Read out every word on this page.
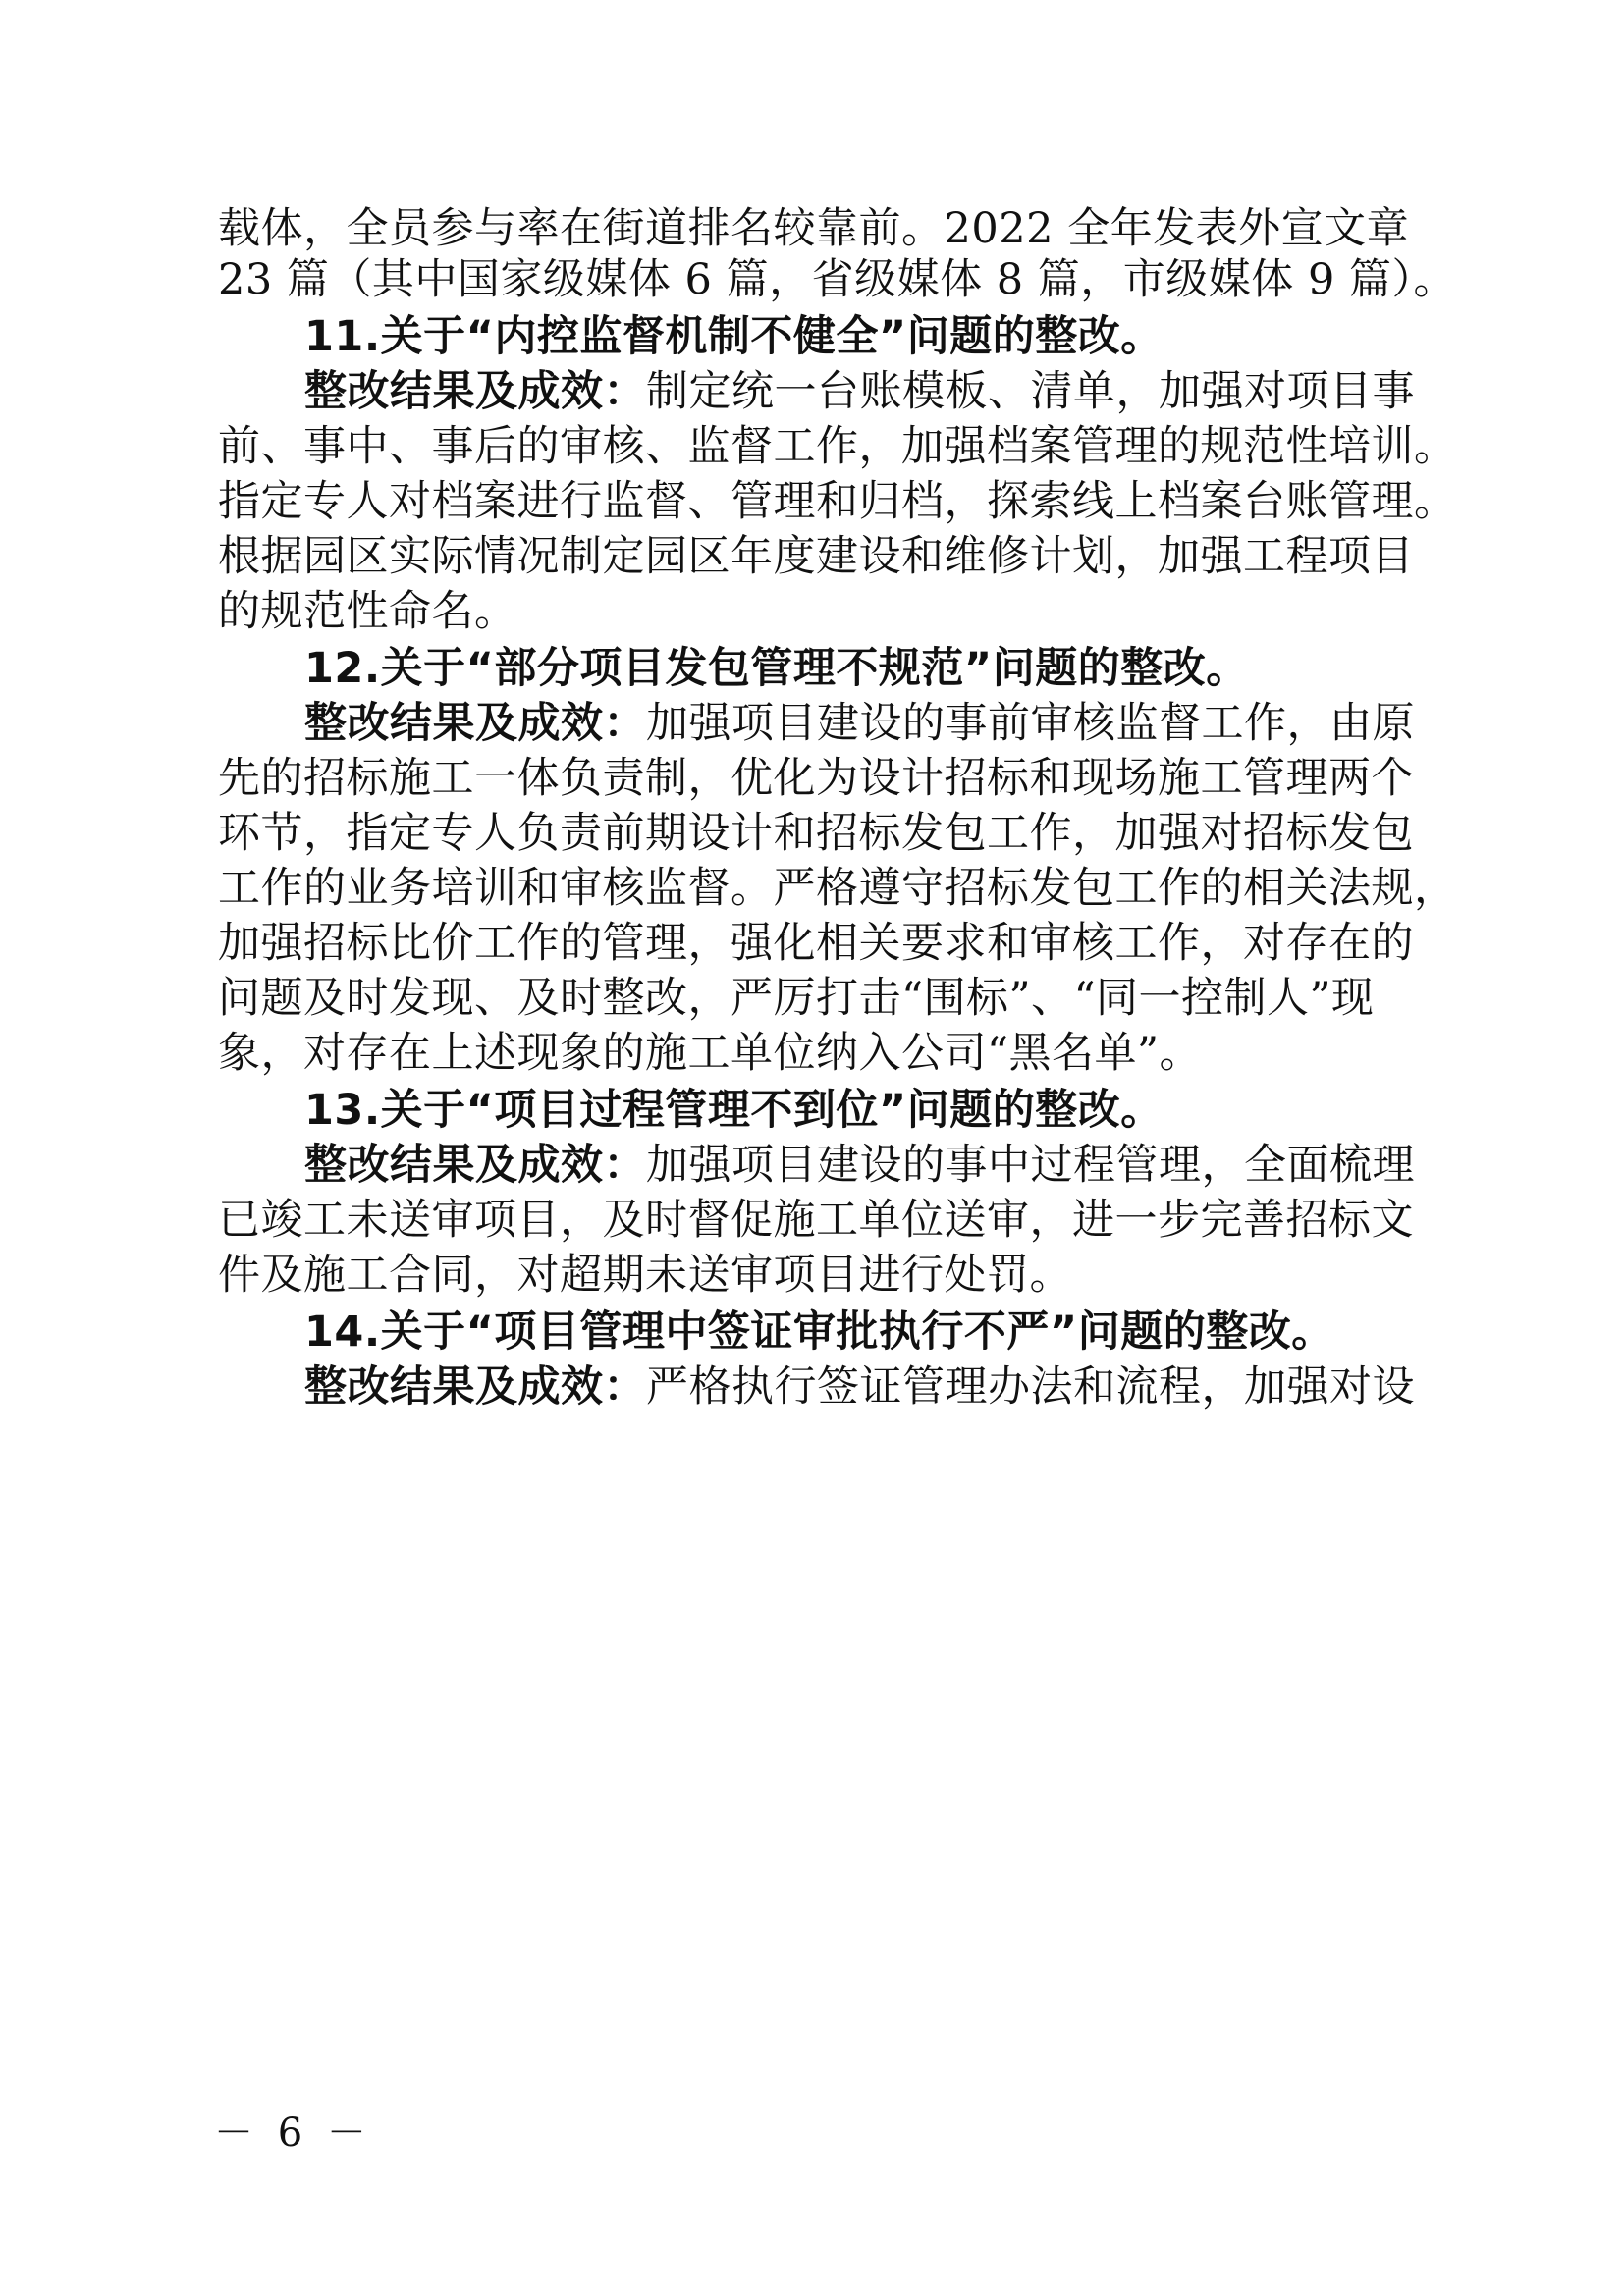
载体，全员参与率在街道排名较靠前。2022 全年发表外宣文章
23 篇（其中国家级媒体 6 篇，省级媒体 8 篇，市级媒体 9 篇）。
11.关于“内控监督机制不健全”问题的整改。
整改结果及成效：制定统一台账模板、清单，加强对项目事
前、事中、事后的审核、监督工作，加强档案管理的规范性培训。
指定专人对档案进行监督、管理和归档，探索线上档案台账管理。
根据园区实际情况制定园区年度建设和维修计划，加强工程项目
的规范性命名。
12.关于“部分项目发包管理不规范”问题的整改。
整改结果及成效：加强项目建设的事前审核监督工作，由原
先的招标施工一体负责制，优化为设计招标和现场施工管理两个
环节，指定专人负责前期设计和招标发包工作，加强对招标发包
工作的业务培训和审核监督。严格遵守招标发包工作的相关法规，
加强招标比价工作的管理，强化相关要求和审核工作，对存在的
问题及时发现、及时整改，严厉打击“围标”、“同一控制人”现
象，对存在上述现象的施工单位纳入公司“黑名单”。
13.关于“项目过程管理不到位”问题的整改。
整改结果及成效：加强项目建设的事中过程管理，全面梳理
已竣工未送审项目，及时督促施工单位送审，进一步完善招标文
件及施工合同，对超期未送审项目进行处罚。
14.关于“项目管理中签证审批执行不严”问题的整改。
整改结果及成效：严格执行签证管理办法和流程，加强对设
－ 6 －
